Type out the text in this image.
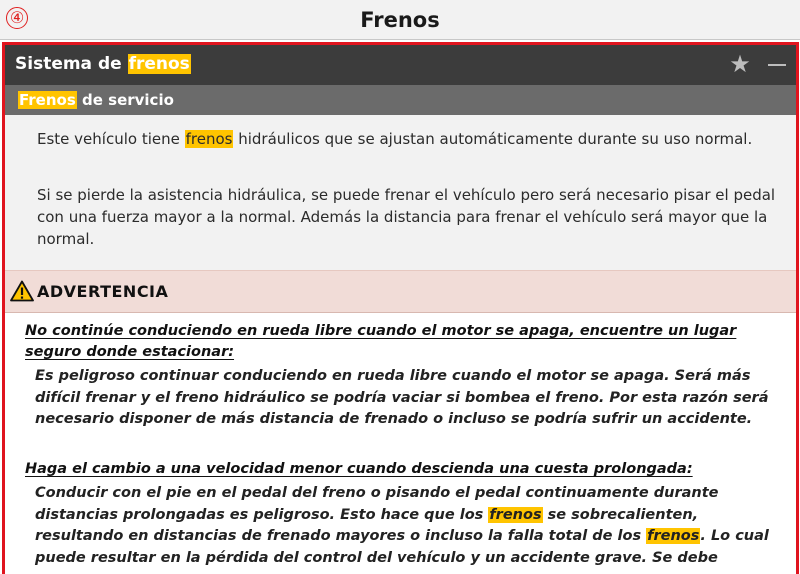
④	Frenos
Sistema de frenos	★
Frenos de servicio
Este vehículo tiene frenos hidráulicos que se ajustan automáticamente durante su uso normal.
Si se pierde la asistencia hidráulica, se puede frenar el vehículo pero será necesario pisar el pedal con una fuerza mayor a la normal. Además la distancia para frenar el vehículo será mayor que la normal.
ADVERTENCIA
No continúe conduciendo en rueda libre cuando el motor se apaga, encuentre un lugar
seguro donde estacionar:
Es peligroso continuar conduciendo en rueda libre cuando el motor se apaga. Será más difícil frenar y el freno hidráulico se podría vaciar si bombea el freno. Por esta razón será necesario disponer de más distancia de frenado o incluso se podría sufrir un accidente.
Haga el cambio a una velocidad menor cuando descienda una cuesta prolongada:
Conducir con el pie en el pedal del freno o pisando el pedal continuamente durante distancias prolongadas es peligroso. Esto hace que los frenos se sobrecalienten, resultando en distancias de frenado mayores o incluso la falla total de los frenos. Lo cual puede resultar en la pérdida del control del vehículo y un accidente grave. Se debe
